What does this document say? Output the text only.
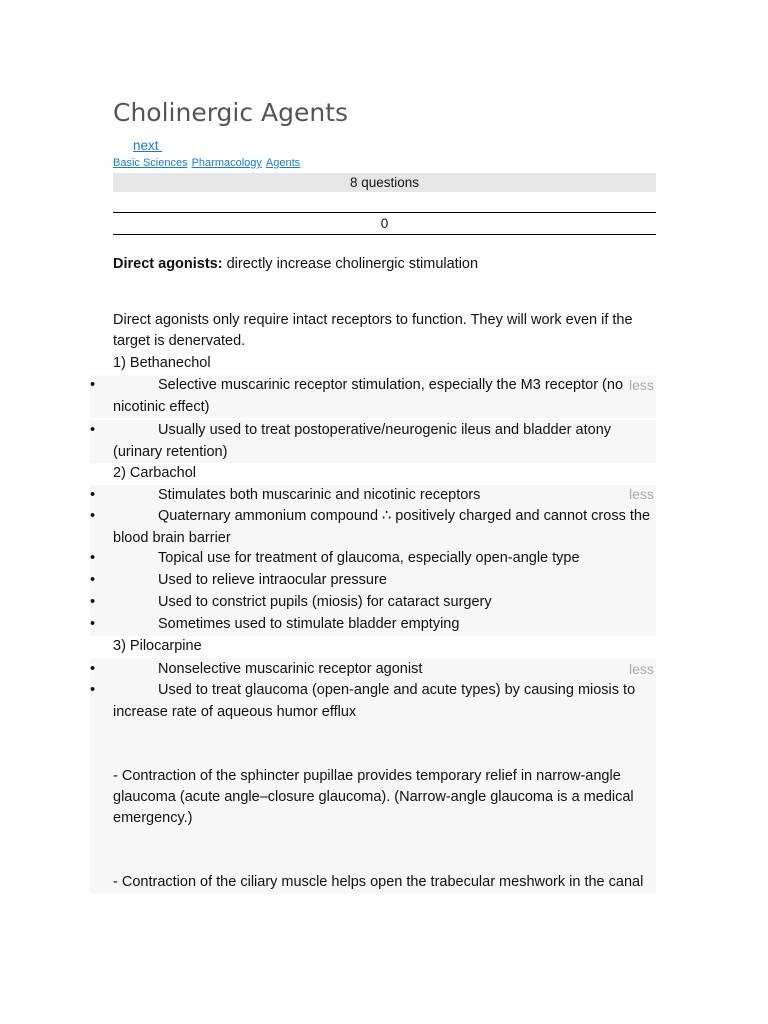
Cholinergic Agents
next
Basic Sciences Pharmacology Agents
8 questions
0
Direct agonists: directly increase cholinergic stimulation
Direct agonists only require intact receptors to function. They will work even if the
target is denervated.
1) Bethanechol
•	Selective muscarinic receptor stimulation, especially the M3 receptor (no
nicotinic effect)
less
•	Usually used to treat postoperative/neurogenic ileus and bladder atony
(urinary retention)
2) Carbachol
•	Stimulates both muscarinic and nicotinic receptors	less
•	Quaternary ammonium compound ∴ positively charged and cannot cross the
blood brain barrier
•	Topical use for treatment of glaucoma, especially open-angle type
•	Used to relieve intraocular pressure
•	Used to constrict pupils (miosis) for cataract surgery
•	Sometimes used to stimulate bladder emptying
3) Pilocarpine
•	Nonselective muscarinic receptor agonist	less
•	Used to treat glaucoma (open-angle and acute types) by causing miosis to
increase rate of aqueous humor efflux
- Contraction of the sphincter pupillae provides temporary relief in narrow-angle
glaucoma (acute angle–closure glaucoma). (Narrow-angle glaucoma is a medical
emergency.)
- Contraction of the ciliary muscle helps open the trabecular meshwork in the canal
